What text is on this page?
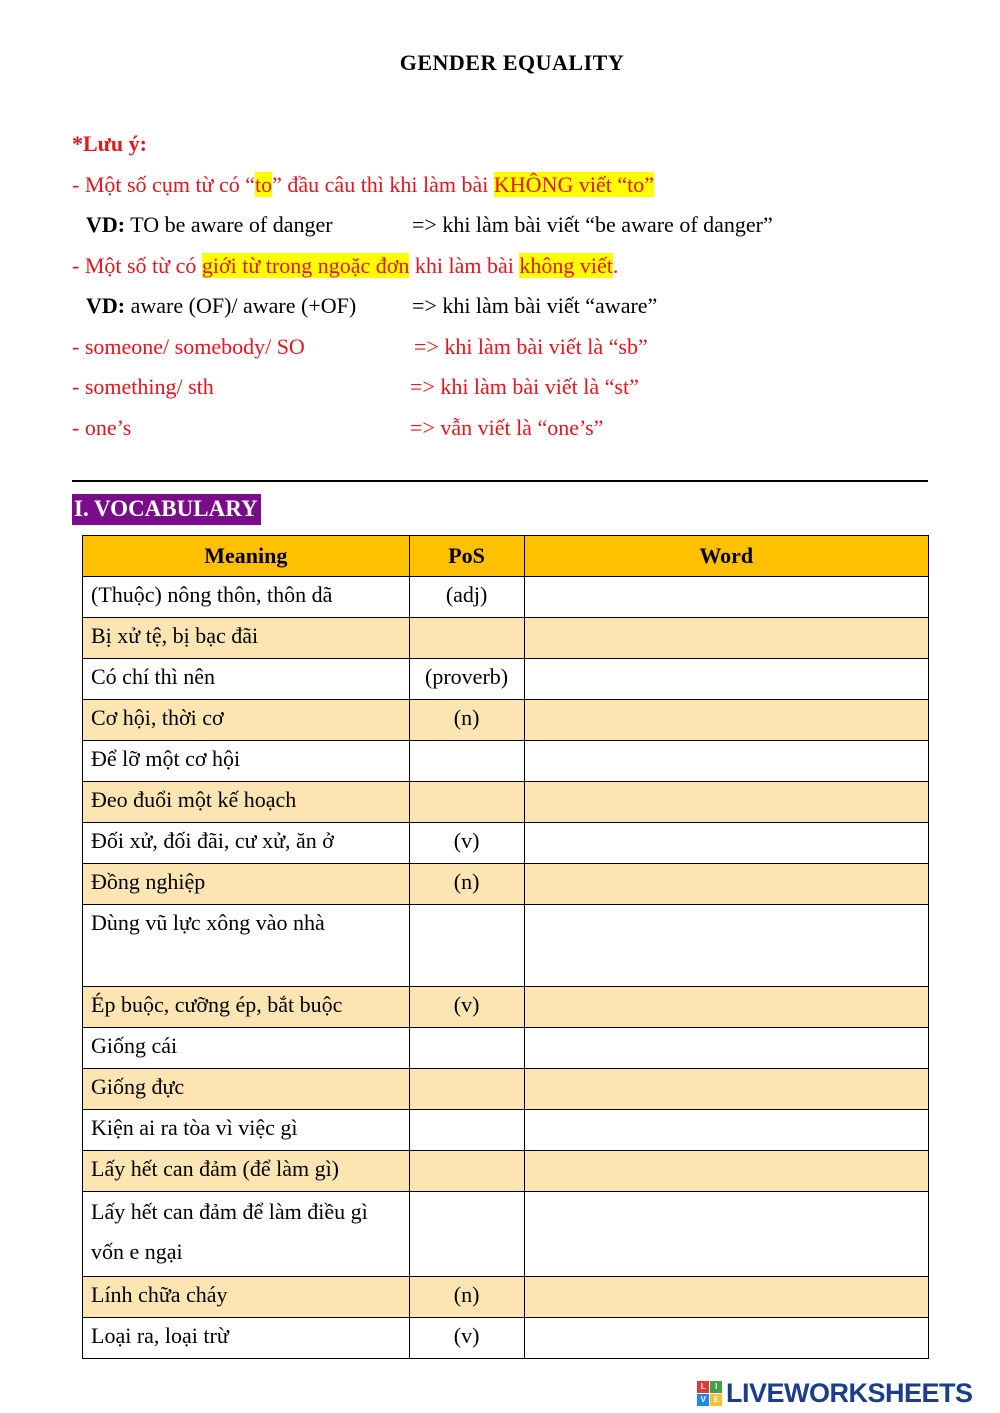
GENDER EQUALITY
*Lưu ý:
- Một số cụm từ có “to” đầu câu thì khi làm bài KHÔNG viết “to”
VD: TO be aware of danger	=> khi làm bài viết “be aware of danger”
- Một số từ có giới từ trong ngoặc đơn khi làm bài không viết.
VD: aware (OF)/ aware (+OF)	=> khi làm bài viết “aware”
- someone/ somebody/ SO	=> khi làm bài viết là “sb”
- something/ sth	=> khi làm bài viết là “st”
- one’s	=> vẫn viết là “one’s”
I. VOCABULARY
Meaning	PoS	Word
(Thuộc) nông thôn, thôn dã	(adj)	
Bị xử tệ, bị bạc đãi		
Có chí thì nên	(proverb)	
Cơ hội, thời cơ	(n)	
Để lỡ một cơ hội		
Đeo đuổi một kế hoạch		
Đối xử, đối đãi, cư xử, ăn ở	(v)	
Đồng nghiệp	(n)	
Dùng vũ lực xông vào nhà		
Ép buộc, cưỡng ép, bắt buộc	(v)	
Giống cái		
Giống đực		
Kiện ai ra tòa vì việc gì		
Lấy hết can đảm (để làm gì)		
Lấy hết can đảm để làm điều gì vốn e ngại		
Lính chữa cháy	(n)	
Loại ra, loại trừ	(v)	
L	I
V	E LIVEWORKSHEETS
